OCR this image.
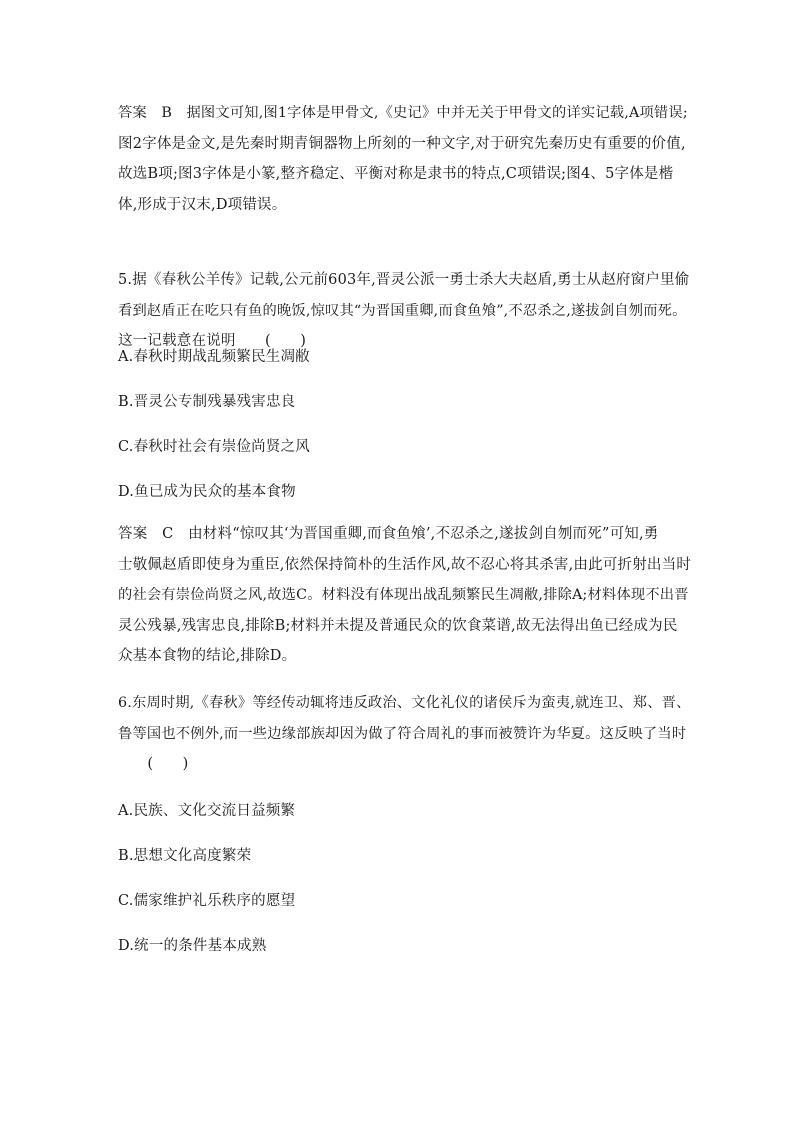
答案　B　据图文可知,图1字体是甲骨文,《史记》中并无关于甲骨文的详实记载,A项错误;
图2字体是金文,是先秦时期青铜器物上所刻的一种文字,对于研究先秦历史有重要的价值,
故选B项;图3字体是小篆,整齐稳定、平衡对称是隶书的特点,C项错误;图4、5字体是楷
体,形成于汉末,D项错误。
5.据《春秋公羊传》记载,公元前603年,晋灵公派一勇士杀大夫赵盾,勇士从赵府窗户里偷
看到赵盾正在吃只有鱼的晚饭,惊叹其“为晋国重卿,而食鱼飧”,不忍杀之,遂拔剑自刎而死。
这一记载意在说明　　(　　)
A.春秋时期战乱频繁民生凋敝
B.晋灵公专制残暴残害忠良
C.春秋时社会有崇俭尚贤之风
D.鱼已成为民众的基本食物
答案　C　由材料“惊叹其‘为晋国重卿,而食鱼飧’,不忍杀之,遂拔剑自刎而死”可知,勇
士敬佩赵盾即使身为重臣,依然保持简朴的生活作风,故不忍心将其杀害,由此可折射出当时
的社会有崇俭尚贤之风,故选C。材料没有体现出战乱频繁民生凋敝,排除A;材料体现不出晋
灵公残暴,残害忠良,排除B;材料并未提及普通民众的饮食菜谱,故无法得出鱼已经成为民
众基本食物的结论,排除D。
6.东周时期,《春秋》等经传动辄将违反政治、文化礼仪的诸侯斥为蛮夷,就连卫、郑、晋、
鲁等国也不例外,而一些边缘部族却因为做了符合周礼的事而被赞许为华夏。这反映了当时
　　(　　)
A.民族、文化交流日益频繁
B.思想文化高度繁荣
C.儒家维护礼乐秩序的愿望
D.统一的条件基本成熟
